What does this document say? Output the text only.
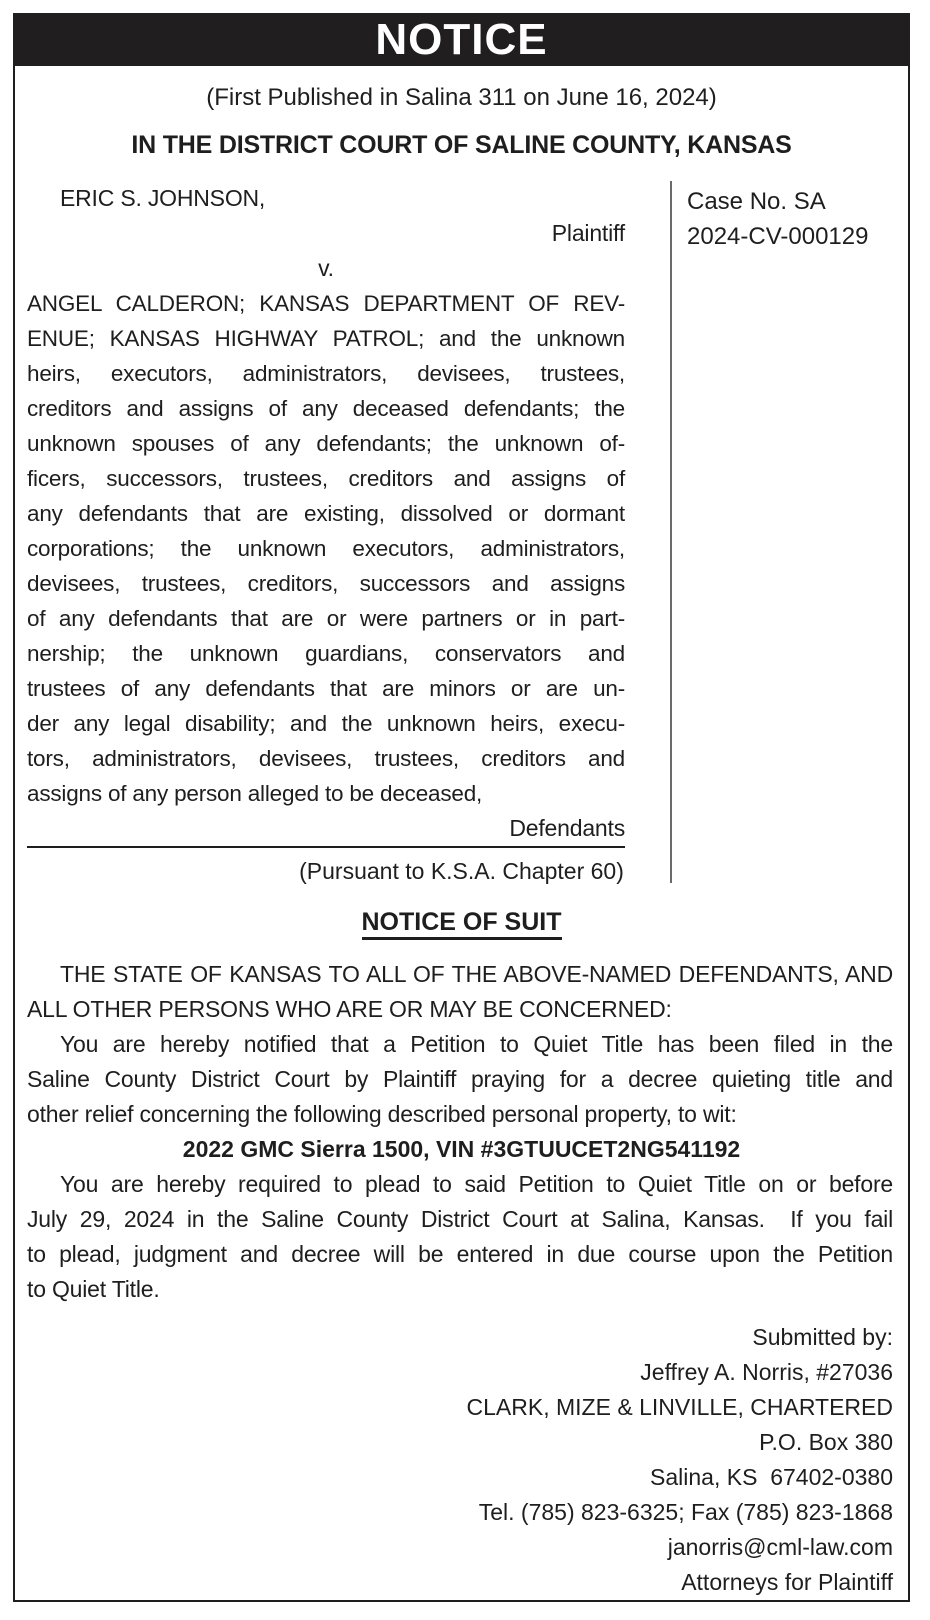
NOTICE
(First Published in Salina 311 on June 16, 2024)
IN THE DISTRICT COURT OF SALINE COUNTY, KANSAS
ERIC S. JOHNSON,
Plaintiff
v.
ANGEL CALDERON; KANSAS DEPARTMENT OF REV-
ENUE; KANSAS HIGHWAY PATROL; and the unknown
heirs, executors, administrators, devisees, trustees,
creditors and assigns of any deceased defendants; the
unknown spouses of any defendants; the unknown of-
ficers, successors, trustees, creditors and assigns of
any defendants that are existing, dissolved or dormant
corporations; the unknown executors, administrators,
devisees, trustees, creditors, successors and assigns
of any defendants that are or were partners or in part-
nership; the unknown guardians, conservators and
trustees of any defendants that are minors or are un-
der any legal disability; and the unknown heirs, execu-
tors, administrators, devisees, trustees, creditors and
assigns of any person alleged to be deceased,
Defendants
Case No. SA
2024-CV-000129
(Pursuant to K.S.A. Chapter 60)
NOTICE OF SUIT
THE STATE OF KANSAS TO ALL OF THE ABOVE-NAMED DEFENDANTS, AND
ALL OTHER PERSONS WHO ARE OR MAY BE CONCERNED:
You are hereby notified that a Petition to Quiet Title has been filed in the
Saline County District Court by Plaintiff praying for a decree quieting title and
other relief concerning the following described personal property, to wit:
2022 GMC Sierra 1500, VIN #3GTUUCET2NG541192
You are hereby required to plead to said Petition to Quiet Title on or before
July 29, 2024 in the Saline County District Court at Salina, Kansas.  If you fail
to plead, judgment and decree will be entered in due course upon the Petition
to Quiet Title.
Submitted by:
Jeffrey A. Norris, #27036
CLARK, MIZE & LINVILLE, CHARTERED
P.O. Box 380
Salina, KS  67402-0380
Tel. (785) 823-6325; Fax (785) 823-1868
janorris@cml-law.com
Attorneys for Plaintiff
